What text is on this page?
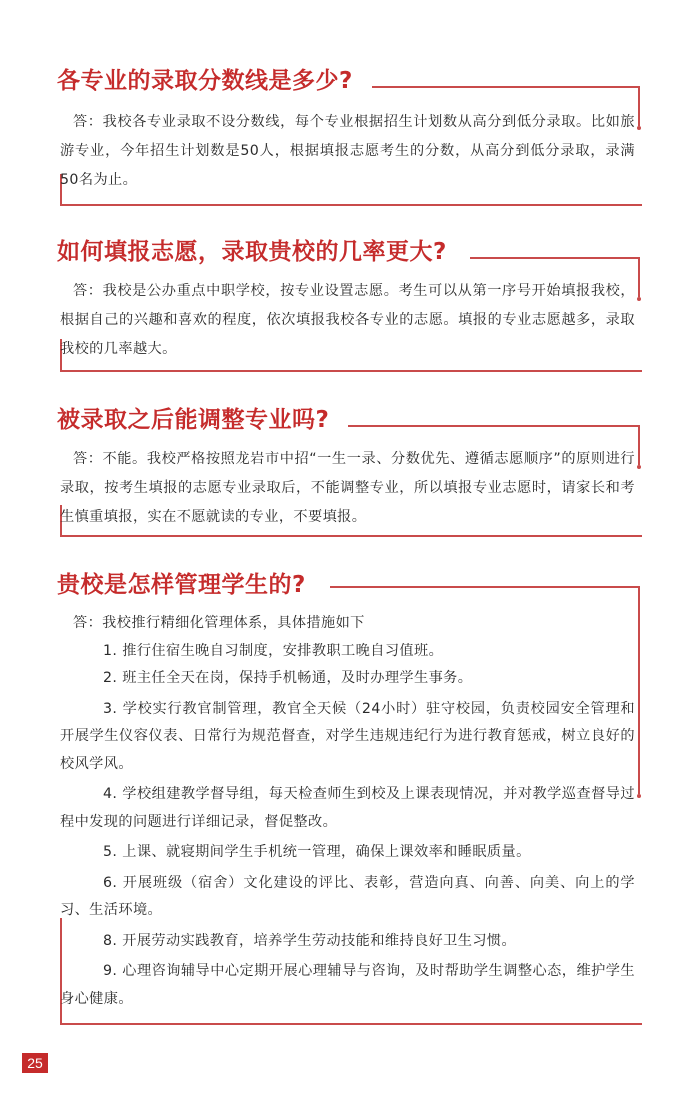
各专业的录取分数线是多少?

答：我校各专业录取不设分数线，每个专业根据招生计划数从高分到低分录取。比如旅游专业，今年招生计划数是50人，根据填报志愿考生的分数，从高分到低分录取，录满50名为止。

如何填报志愿，录取贵校的几率更大?

答：我校是公办重点中职学校，按专业设置志愿。考生可以从第一序号开始填报我校，根据自己的兴趣和喜欢的程度，依次填报我校各专业的志愿。填报的专业志愿越多，录取我校的几率越大。

被录取之后能调整专业吗?

答：不能。我校严格按照龙岩市中招“一生一录、分数优先、遵循志愿顺序”的原则进行录取，按考生填报的志愿专业录取后，不能调整专业，所以填报专业志愿时，请家长和考生慎重填报，实在不愿就读的专业，不要填报。

贵校是怎样管理学生的?

答：我校推行精细化管理体系，具体措施如下

1. 推行住宿生晚自习制度，安排教职工晚自习值班。

2. 班主任全天在岗，保持手机畅通，及时办理学生事务。

3. 学校实行教官制管理，教官全天候（24小时）驻守校园，负责校园安全管理和开展学生仪容仪表、日常行为规范督查，对学生违规违纪行为进行教育惩戒，树立良好的校风学风。

4. 学校组建教学督导组，每天检查师生到校及上课表现情况，并对教学巡查督导过程中发现的问题进行详细记录，督促整改。

5. 上课、就寝期间学生手机统一管理，确保上课效率和睡眠质量。

6. 开展班级（宿舍）文化建设的评比、表彰，营造向真、向善、向美、向上的学习、生活环境。

8. 开展劳动实践教育，培养学生劳动技能和维持良好卫生习惯。

9. 心理咨询辅导中心定期开展心理辅导与咨询，及时帮助学生调整心态，维护学生身心健康。

25
